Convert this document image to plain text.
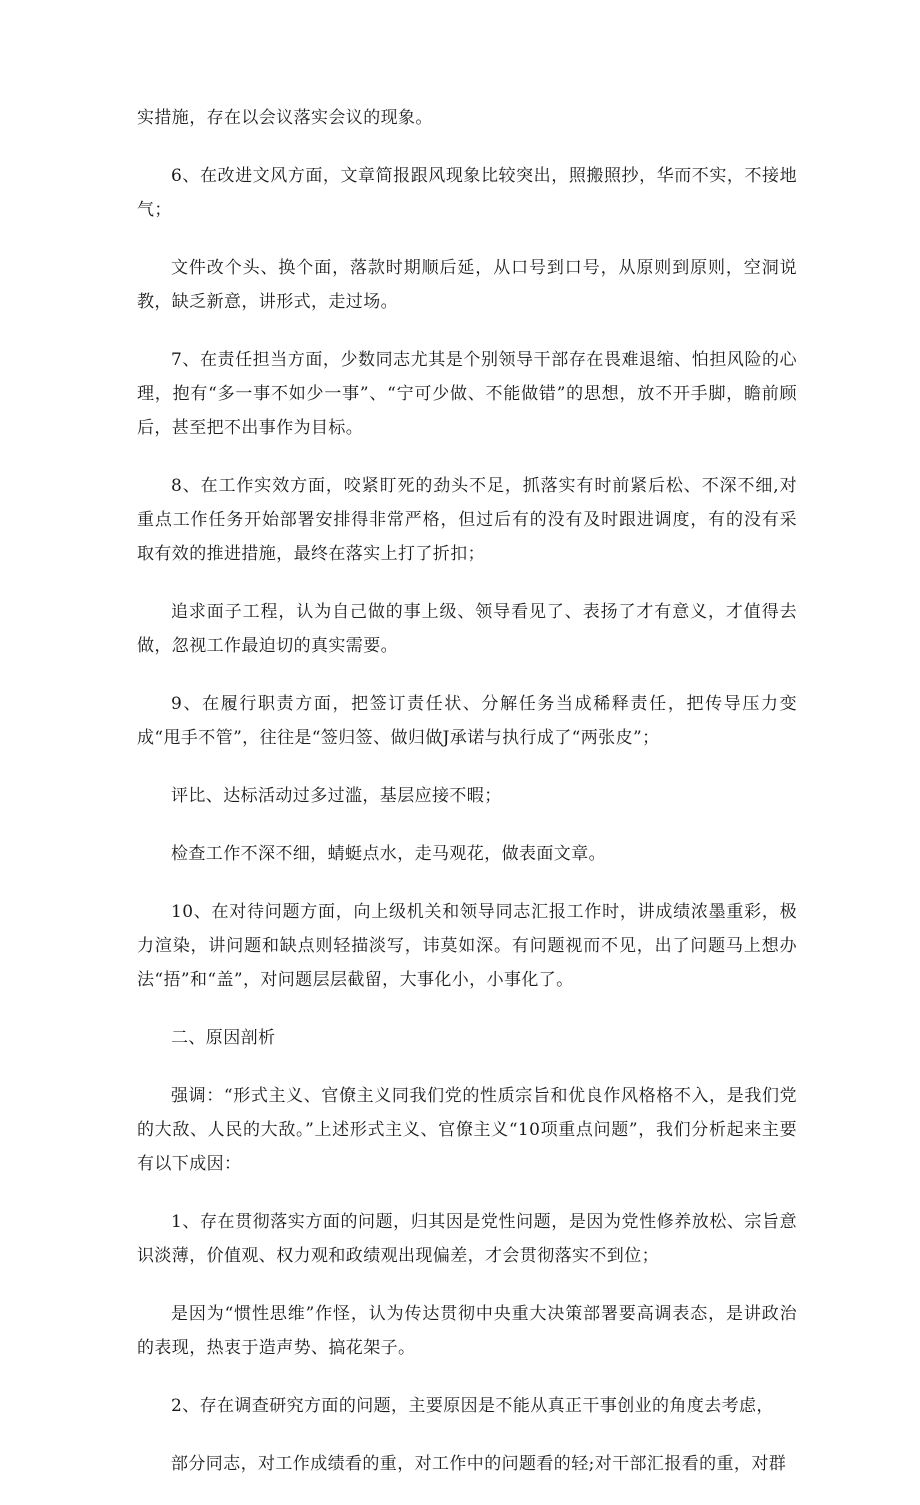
实措施，存在以会议落实会议的现象。

6、在改进文风方面，文章简报跟风现象比较突出，照搬照抄，华而不实，不接地气；

文件改个头、换个面，落款时期顺后延，从口号到口号，从原则到原则，空洞说教，缺乏新意，讲形式，走过场。

7、在责任担当方面，少数同志尤其是个别领导干部存在畏难退缩、怕担风险的心理，抱有“多一事不如少一事”、“宁可少做、不能做错”的思想，放不开手脚，瞻前顾后，甚至把不出事作为目标。

8、在工作实效方面，咬紧盯死的劲头不足，抓落实有时前紧后松、不深不细,对重点工作任务开始部署安排得非常严格，但过后有的没有及时跟进调度，有的没有采取有效的推进措施，最终在落实上打了折扣；

追求面子工程，认为自己做的事上级、领导看见了、表扬了才有意义，才值得去做，忽视工作最迫切的真实需要。

9、在履行职责方面，把签订责任状、分解任务当成稀释责任，把传导压力变成“甩手不管”，往往是“签归签、做归做J承诺与执行成了“两张皮”；

评比、达标活动过多过滥，基层应接不暇；

检查工作不深不细，蜻蜓点水，走马观花，做表面文章。

10、在对待问题方面，向上级机关和领导同志汇报工作时，讲成绩浓墨重彩，极力渲染，讲问题和缺点则轻描淡写，讳莫如深。有问题视而不见，出了问题马上想办法“捂”和“盖”，对问题层层截留，大事化小，小事化了。

二、原因剖析

强调：“形式主义、官僚主义同我们党的性质宗旨和优良作风格格不入，是我们党的大敌、人民的大敌。”上述形式主义、官僚主义“10项重点问题”，我们分析起来主要有以下成因：

1、存在贯彻落实方面的问题，归其因是党性问题，是因为党性修养放松、宗旨意识淡薄，价值观、权力观和政绩观出现偏差，才会贯彻落实不到位；

是因为“惯性思维”作怪，认为传达贯彻中央重大决策部署要高调表态，是讲政治的表现，热衷于造声势、搞花架子。

2、存在调查研究方面的问题，主要原因是不能从真正干事创业的角度去考虑，

部分同志，对工作成绩看的重，对工作中的问题看的轻;对干部汇报看的重，对群
